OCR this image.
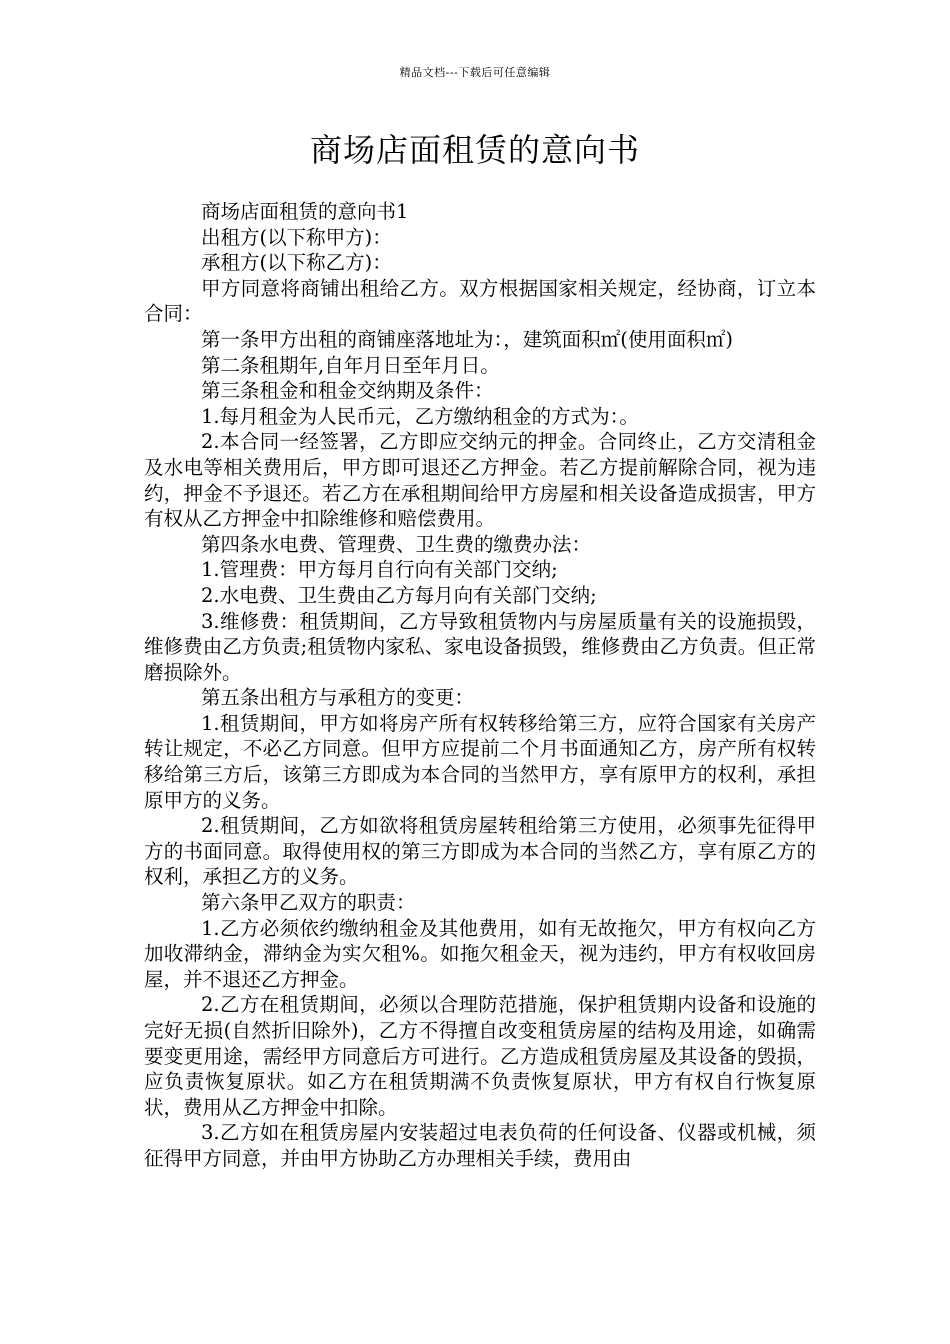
精品文档---下载后可任意编辑
商场店面租赁的意向书

商场店面租赁的意向书1

出租方(以下称甲方)：

承租方(以下称乙方)：

甲方同意将商铺出租给乙方。双方根据国家相关规定，经协商，订立本合同：

第一条甲方出租的商铺座落地址为：，建筑面积㎡(使用面积㎡)

第二条租期年,自年月日至年月日。

第三条租金和租金交纳期及条件：

1.每月租金为人民币元，乙方缴纳租金的方式为：。

2.本合同一经签署，乙方即应交纳元的押金。合同终止，乙方交清租金及水电等相关费用后，甲方即可退还乙方押金。若乙方提前解除合同，视为违约，押金不予退还。若乙方在承租期间给甲方房屋和相关设备造成损害，甲方有权从乙方押金中扣除维修和赔偿费用。

第四条水电费、管理费、卫生费的缴费办法：

1.管理费：甲方每月自行向有关部门交纳;

2.水电费、卫生费由乙方每月向有关部门交纳;

3.维修费：租赁期间，乙方导致租赁物内与房屋质量有关的设施损毁，维修费由乙方负责;租赁物内家私、家电设备损毁，维修费由乙方负责。但正常磨损除外。

第五条出租方与承租方的变更：

1.租赁期间，甲方如将房产所有权转移给第三方，应符合国家有关房产转让规定，不必乙方同意。但甲方应提前二个月书面通知乙方，房产所有权转移给第三方后，该第三方即成为本合同的当然甲方，享有原甲方的权利，承担原甲方的义务。

2.租赁期间，乙方如欲将租赁房屋转租给第三方使用，必须事先征得甲方的书面同意。取得使用权的第三方即成为本合同的当然乙方，享有原乙方的权利，承担乙方的义务。

第六条甲乙双方的职责：

1.乙方必须依约缴纳租金及其他费用，如有无故拖欠，甲方有权向乙方加收滞纳金，滞纳金为实欠租%。如拖欠租金天，视为违约，甲方有权收回房屋，并不退还乙方押金。

2.乙方在租赁期间，必须以合理防范措施，保护租赁期内设备和设施的完好无损(自然折旧除外)，乙方不得擅自改变租赁房屋的结构及用途，如确需要变更用途，需经甲方同意后方可进行。乙方造成租赁房屋及其设备的毁损，应负责恢复原状。如乙方在租赁期满不负责恢复原状，甲方有权自行恢复原状，费用从乙方押金中扣除。

3.乙方如在租赁房屋内安装超过电表负荷的任何设备、仪器或机械，须征得甲方同意，并由甲方协助乙方办理相关手续，费用由
